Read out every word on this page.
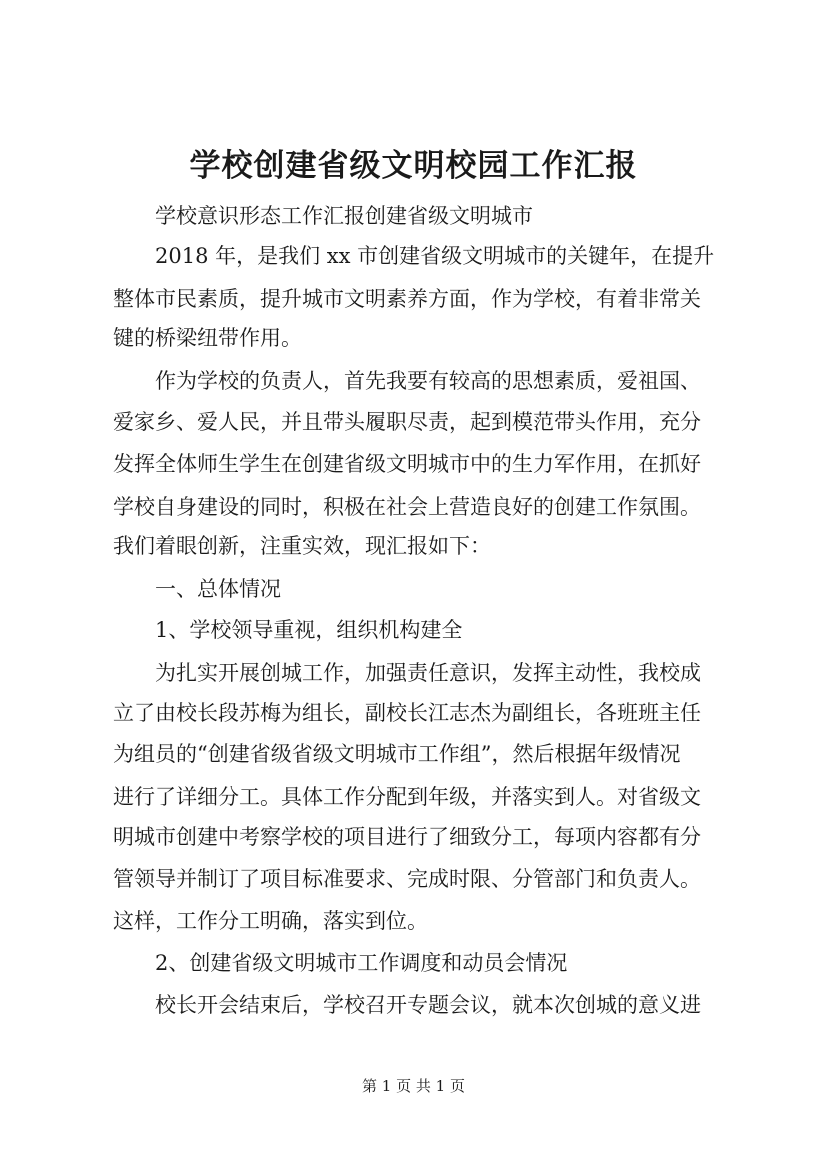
学校创建省级文明校园工作汇报
学校意识形态工作汇报创建省级文明城市
2018 年，是我们 xx 市创建省级文明城市的关键年，在提升
整体市民素质，提升城市文明素养方面，作为学校，有着非常关
键的桥梁纽带作用。
作为学校的负责人，首先我要有较高的思想素质，爱祖国、
爱家乡、爱人民，并且带头履职尽责，起到模范带头作用，充分
发挥全体师生学生在创建省级文明城市中的生力军作用，在抓好
学校自身建设的同时，积极在社会上营造良好的创建工作氛围。
我们着眼创新，注重实效，现汇报如下：
一、总体情况
1、学校领导重视，组织机构建全
为扎实开展创城工作，加强责任意识，发挥主动性，我校成
立了由校长段苏梅为组长，副校长江志杰为副组长，各班班主任
为组员的“创建省级省级文明城市工作组”，然后根据年级情况
进行了详细分工。具体工作分配到年级，并落实到人。对省级文
明城市创建中考察学校的项目进行了细致分工，每项内容都有分
管领导并制订了项目标准要求、完成时限、分管部门和负责人。
这样，工作分工明确，落实到位。
2、创建省级文明城市工作调度和动员会情况
校长开会结束后，学校召开专题会议，就本次创城的意义进
第 1 页 共 1 页
